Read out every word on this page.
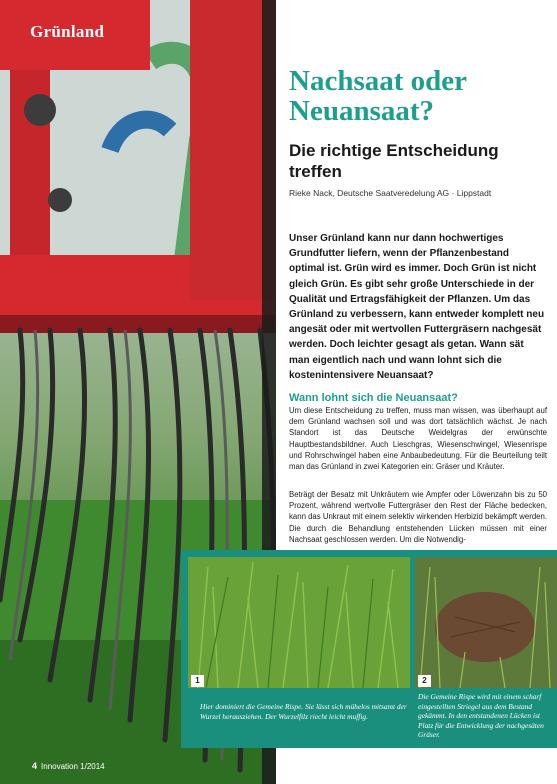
Grünland
Nachsaat oder Neuansaat?
Die richtige Entscheidung treffen
Rieke Nack, Deutsche Saatveredelung AG · Lippstadt

Unser Grünland kann nur dann hochwertiges Grundfutter liefern, wenn der Pflanzenbestand optimal ist. Grün wird es immer. Doch Grün ist nicht gleich Grün. Es gibt sehr große Unterschiede in der Qualität und Ertragsfähigkeit der Pflanzen. Um das Grünland zu verbessern, kann entweder komplett neu angesät oder mit wertvollen Futtergräsern nachgesät werden. Doch leichter gesagt als getan. Wann sät man eigentlich nach und wann lohnt sich die kostenintensivere Neuansaat?

Wann lohnt sich die Neuansaat?

Um diese Entscheidung zu treffen, muss man wissen, was überhaupt auf dem Grünland wachsen soll und was dort tatsächlich wächst. Je nach Standort ist das Deutsche Weidelgras der erwünschte Hauptbestandsbildner. Auch Lieschgras, Wiesenschwingel, Wiesenrispe und Rohrschwingel haben eine Anbaubedeutung. Für die Beurteilung teilt man das Grünland in zwei Kategorien ein: Gräser und Kräuter.

Beträgt der Besatz mit Unkräutern wie Ampfer oder Löwenzahn bis zu 50 Prozent, während wertvolle Futtergräser den Rest der Fläche bedecken, kann das Unkraut mit einem selektiv wirkenden Herbizid bekämpft werden. Die durch die Behandlung entstehenden Lücken müssen mit einer Nachsaat geschlossen werden. Um die Notwendig-

1	2

Hier dominiert die Gemeine Rispe. Sie lässt sich mühelos mitsamt der Wurzel herausziehen. Der Wurzelfilz riecht leicht muffig.

Die Gemeine Rispe wird mit einem scharf eingestellten Striegel aus dem Bestand gekämmt. In den entstandenen Lücken ist Platz für die Entwicklung der nachgesäten Gräser.

4 Innovation 1/2014
